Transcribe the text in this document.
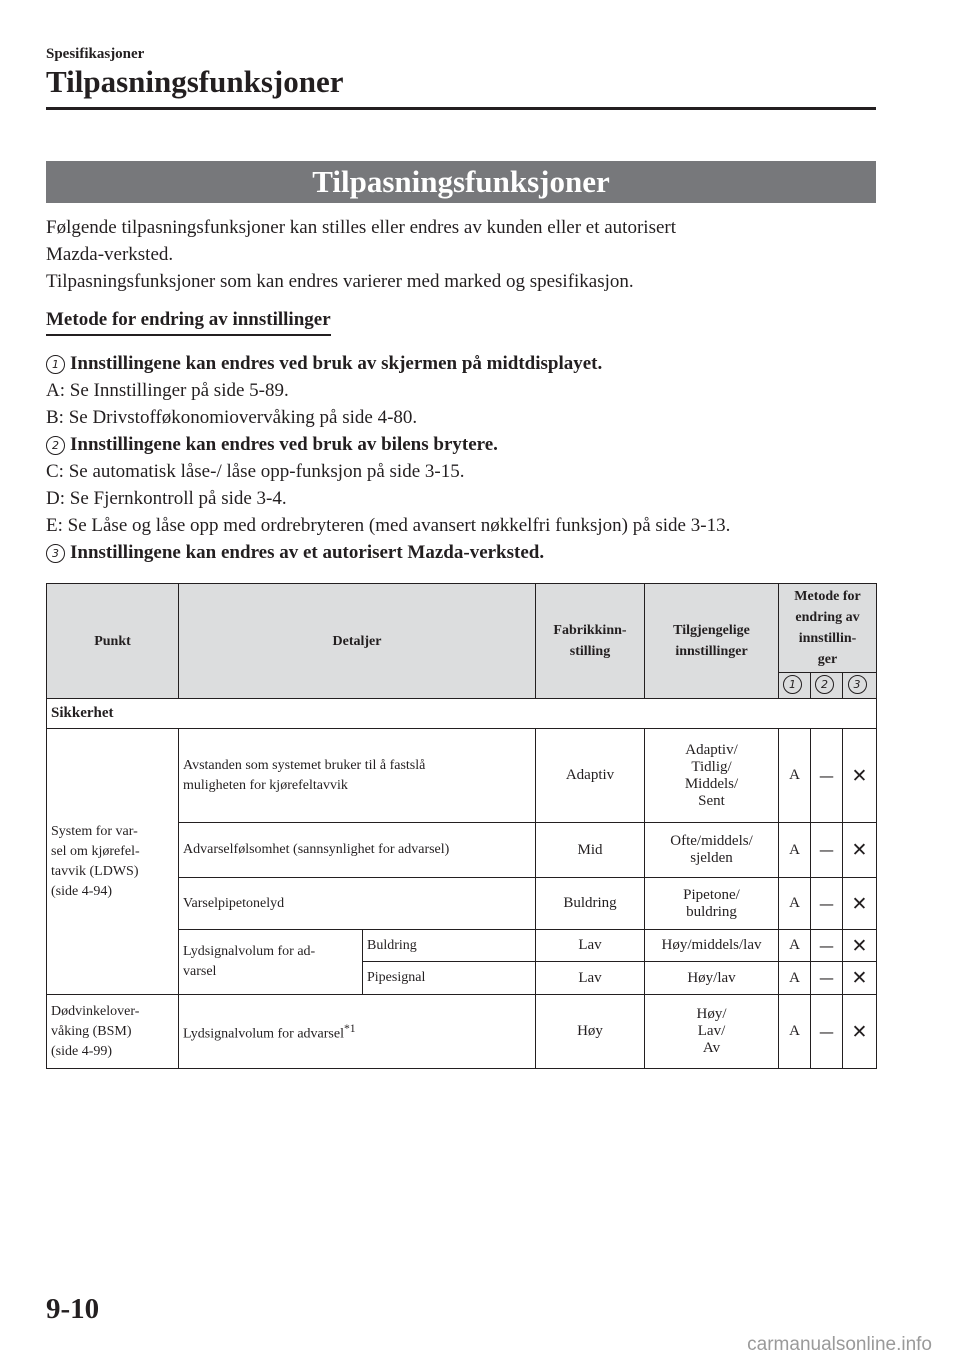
Spesifikasjoner
Tilpasningsfunksjoner
Tilpasningsfunksjoner

Følgende tilpasningsfunksjoner kan stilles eller endres av kunden eller et autorisert
Mazda-verksted.

Tilpasningsfunksjoner som kan endres varierer med marked og spesifikasjon.

Metode for endring av innstillinger
1 Innstillingene kan endres ved bruk av skjermen på midtdisplayet.
A: Se Innstillinger på side 5-89.
B: Se Drivstofføkonomiovervåking på side 4-80.
2 Innstillingene kan endres ved bruk av bilens brytere.
C: Se automatisk låse-/ låse opp-funksjon på side 3-15.
D: Se Fjernkontroll på side 3-4.
E: Se Låse og låse opp med ordrebryteren (med avansert nøkkelfri funksjon) på side 3-13.
3 Innstillingene kan endres av et autorisert Mazda-verksted.
Punkt	Detaljer		Fabrikkinn-
stilling	Tilgjengelige
innstillinger	Metode for
endring av
innstillin-
ger		
					1	2	3
Sikkerhet							
System for var-
sel om kjørefel-
tavvik (LDWS)
(side 4-94)	Avstanden som systemet bruker til å fastslå
muligheten for kjørefeltavvik		Adaptiv	Adaptiv/
Tidlig/
Middels/
Sent	A	—	✕
	Advarselfølsomhet (sannsynlighet for advarsel)		Mid	Ofte/middels/
sjelden	A	—	✕
	Varselpipetonelyd		Buldring	Pipetone/
buldring	A	—	✕
	Lydsignalvolum for ad-
varsel	Buldring	Lav	Høy/middels/lav	A	—	✕
		Pipesignal	Lav	Høy/lav	A	—	✕
Dødvinkelover-
våking (BSM)
(side 4-99)	Lydsignalvolum for advarsel$^{*1}$		Høy	Høy/
Lav/
Av	A	—	✕
9-10
carmanualsonline.info
